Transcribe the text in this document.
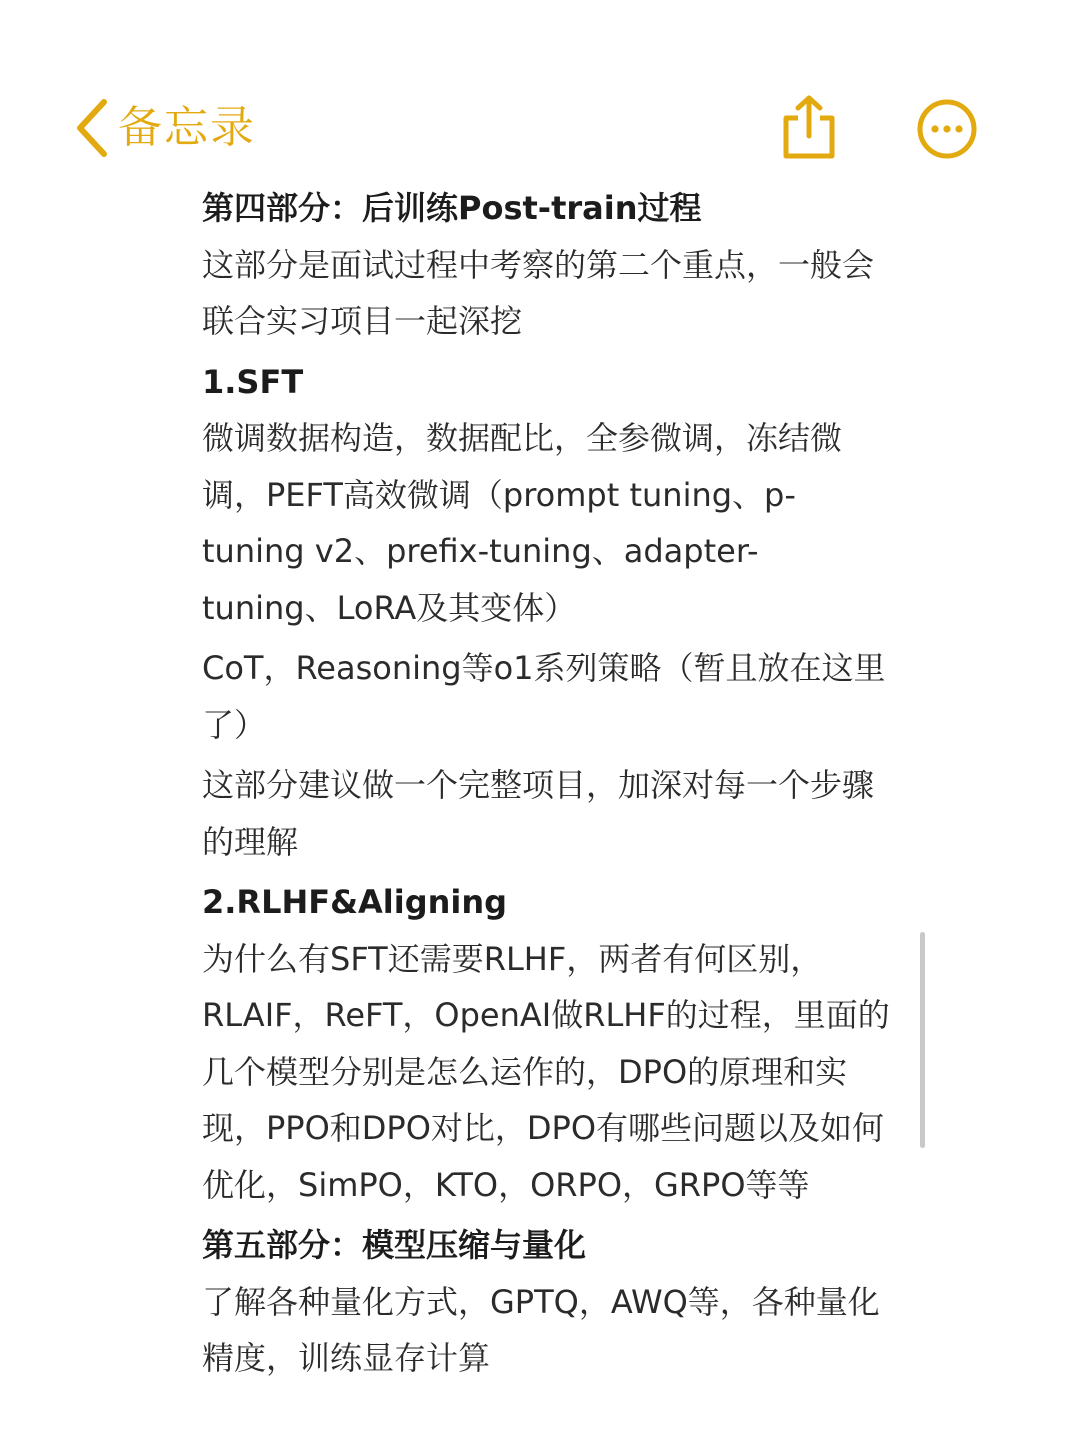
备忘录
第四部分：后训练Post-train过程
这部分是面试过程中考察的第二个重点，一般会联合实习项目一起深挖
1.SFT
微调数据构造，数据配比，全参微调，冻结微调，PEFT高效微调（prompt tuning、p-tuning v2、prefix-tuning、adapter-tuning、LoRA及其变体）
CoT，Reasoning等o1系列策略（暂且放在这里了）
这部分建议做一个完整项目，加深对每一个步骤的理解
2.RLHF&Aligning
为什么有SFT还需要RLHF，两者有何区别，RLAIF，ReFT，OpenAI做RLHF的过程，里面的几个模型分别是怎么运作的，DPO的原理和实现，PPO和DPO对比，DPO有哪些问题以及如何优化，SimPO，KTO，ORPO，GRPO等等
第五部分：模型压缩与量化
了解各种量化方式，GPTQ，AWQ等，各种量化精度，训练显存计算
